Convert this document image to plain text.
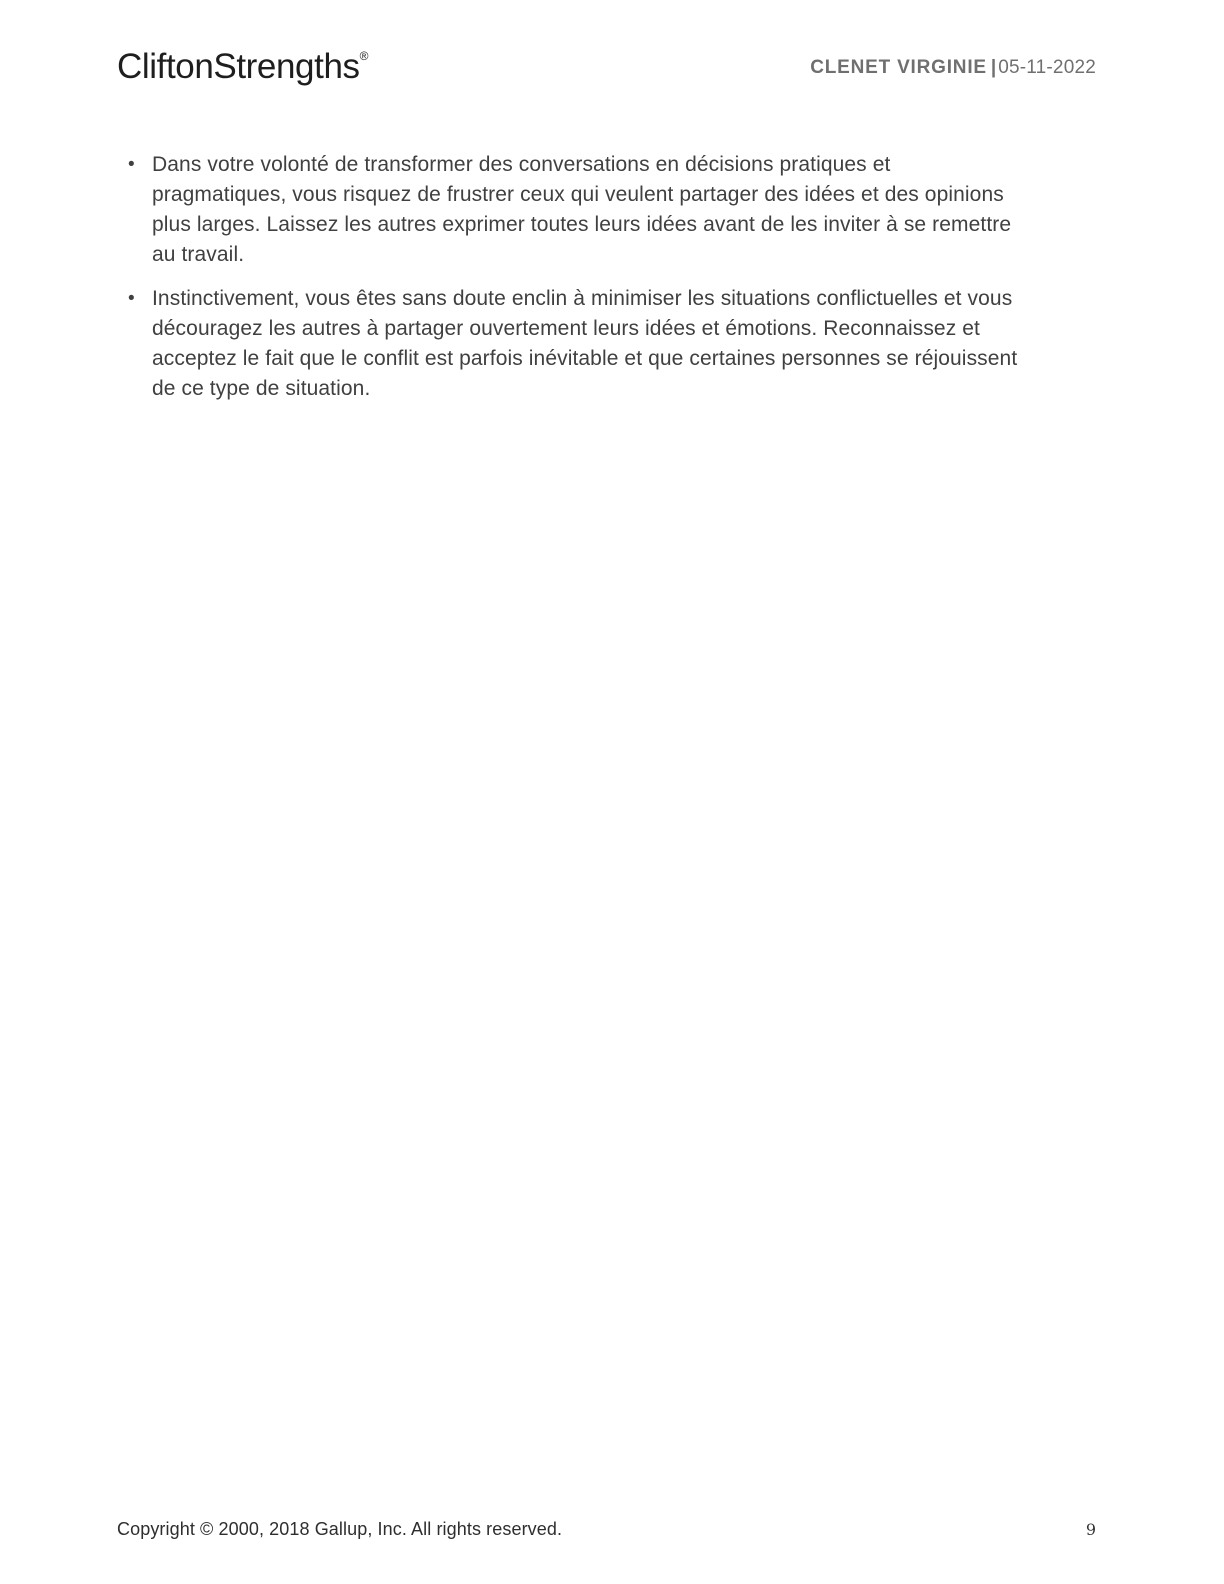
CliftonStrengths®
CLENET VIRGINIE | 05-11-2022
• Dans votre volonté de transformer des conversations en décisions pratiques et pragmatiques, vous risquez de frustrer ceux qui veulent partager des idées et des opinions plus larges. Laissez les autres exprimer toutes leurs idées avant de les inviter à se remettre au travail.
• Instinctivement, vous êtes sans doute enclin à minimiser les situations conflictuelles et vous découragez les autres à partager ouvertement leurs idées et émotions. Reconnaissez et acceptez le fait que le conflit est parfois inévitable et que certaines personnes se réjouissent de ce type de situation.
Copyright © 2000, 2018 Gallup, Inc. All rights reserved.	9
